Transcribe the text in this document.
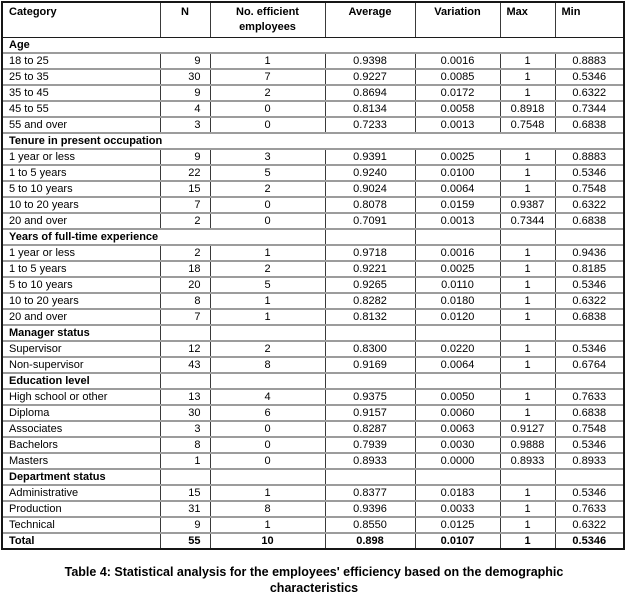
Category	N	No. efficient employees	Average	Variation	Max	Min
Age						
18 to 25	9	1	0.9398	0.0016	1	0.8883
25 to 35	30	7	0.9227	0.0085	1	0.5346
35 to 45	9	2	0.8694	0.0172	1	0.6322
45 to 55	4	0	0.8134	0.0058	0.8918	0.7344
55 and over	3	0	0.7233	0.0013	0.7548	0.6838
Tenure in present occupation						
1 year or less	9	3	0.9391	0.0025	1	0.8883
1 to 5 years	22	5	0.9240	0.0100	1	0.5346
5 to 10 years	15	2	0.9024	0.0064	1	0.7548
10 to 20 years	7	0	0.8078	0.0159	0.9387	0.6322
20 and over	2	0	0.7091	0.0013	0.7344	0.6838
Years of full-time experience						
1 year or less	2	1	0.9718	0.0016	1	0.9436
1 to 5 years	18	2	0.9221	0.0025	1	0.8185
5 to 10 years	20	5	0.9265	0.0110	1	0.5346
10 to 20 years	8	1	0.8282	0.0180	1	0.6322
20 and over	7	1	0.8132	0.0120	1	0.6838
Manager status						
Supervisor	12	2	0.8300	0.0220	1	0.5346
Non-supervisor	43	8	0.9169	0.0064	1	0.6764
Education level						
High school or other	13	4	0.9375	0.0050	1	0.7633
Diploma	30	6	0.9157	0.0060	1	0.6838
Associates	3	0	0.8287	0.0063	0.9127	0.7548
Bachelors	8	0	0.7939	0.0030	0.9888	0.5346
Masters	1	0	0.8933	0.0000	0.8933	0.8933
Department status						
Administrative	15	1	0.8377	0.0183	1	0.5346
Production	31	8	0.9396	0.0033	1	0.7633
Technical	9	1	0.8550	0.0125	1	0.6322
Total	55	10	0.898	0.0107	1	0.5346
Table 4: Statistical analysis for the employees' efficiency based on the demographic characteristics
